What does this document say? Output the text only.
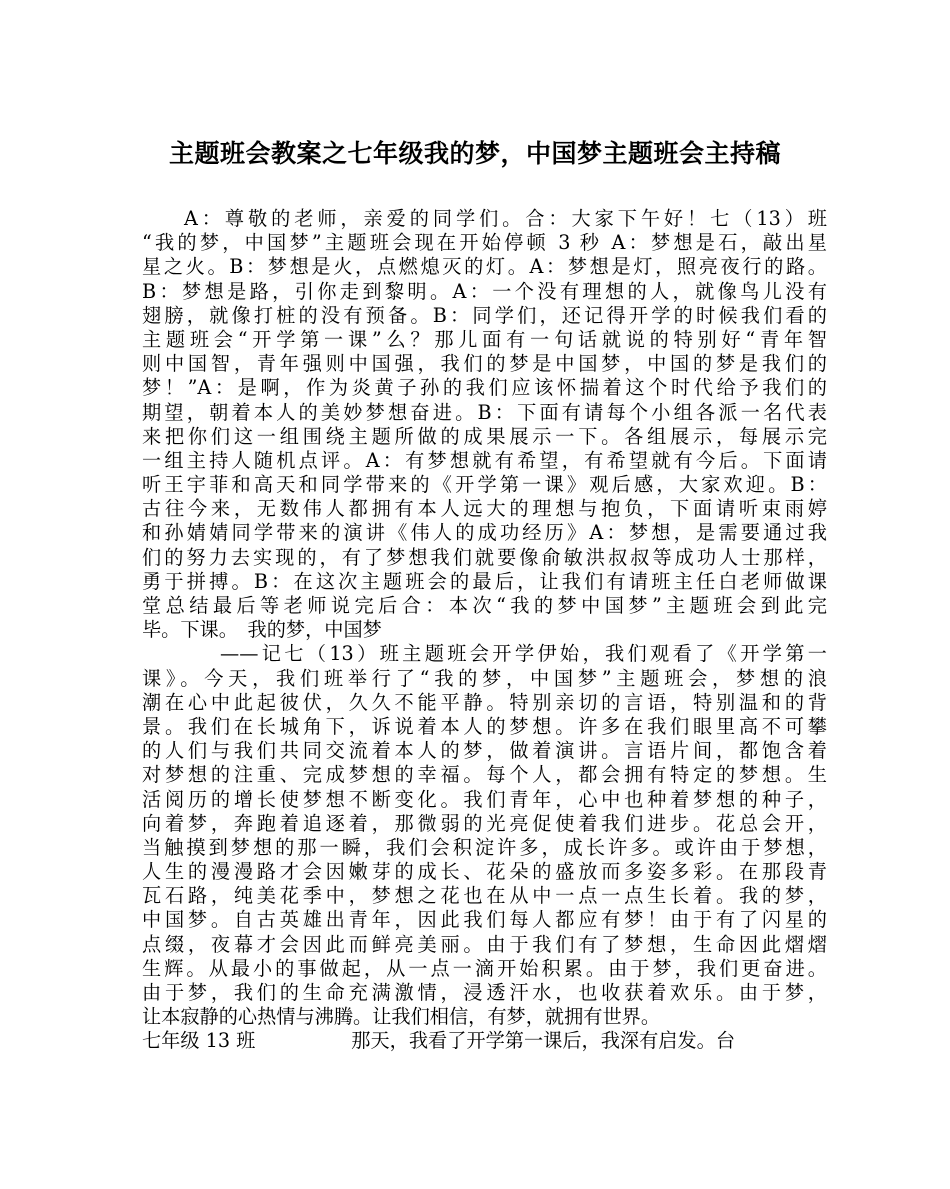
主题班会教案之七年级我的梦，中国梦主题班会主持稿
A：尊敬的老师，亲爱的同学们。合：大家下午好！七（13）班
“我的梦，中国梦”主题班会现在开始停顿 3 秒 A：梦想是石，敲出星
星之火。B：梦想是火，点燃熄灭的灯。A：梦想是灯，照亮夜行的路。
B：梦想是路，引你走到黎明。A：一个没有理想的人，就像鸟儿没有
翅膀，就像打桩的没有预备。B：同学们，还记得开学的时候我们看的
主题班会“开学第一课”么？那儿面有一句话就说的特别好“青年智
则中国智，青年强则中国强，我们的梦是中国梦，中国的梦是我们的
梦！”A：是啊，作为炎黄子孙的我们应该怀揣着这个时代给予我们的
期望，朝着本人的美妙梦想奋进。B：下面有请每个小组各派一名代表
来把你们这一组围绕主题所做的成果展示一下。各组展示，每展示完
一组主持人随机点评。A：有梦想就有希望，有希望就有今后。下面请
听王宇菲和高天和同学带来的《开学第一课》观后感，大家欢迎。B：
古往今来，无数伟人都拥有本人远大的理想与抱负，下面请听束雨婷
和孙婧婧同学带来的演讲《伟人的成功经历》A：梦想，是需要通过我
们的努力去实现的，有了梦想我们就要像俞敏洪叔叔等成功人士那样，
勇于拼搏。B：在这次主题班会的最后，让我们有请班主任白老师做课
堂总结最后等老师说完后合：本次“我的梦中国梦”主题班会到此完
毕。下课。　我的梦，中国梦
——记七（13）班主题班会开学伊始，我们观看了《开学第一
课》。今天，我们班举行了“我的梦，中国梦”主题班会，梦想的浪
潮在心中此起彼伏，久久不能平静。特别亲切的言语，特别温和的背
景。我们在长城角下，诉说着本人的梦想。许多在我们眼里高不可攀
的人们与我们共同交流着本人的梦，做着演讲。言语片间，都饱含着
对梦想的注重、完成梦想的幸福。每个人，都会拥有特定的梦想。生
活阅历的增长使梦想不断变化。我们青年，心中也种着梦想的种子，
向着梦，奔跑着追逐着，那微弱的光亮促使着我们进步。花总会开，
当触摸到梦想的那一瞬，我们会积淀许多，成长许多。或许由于梦想，
人生的漫漫路才会因嫩芽的成长、花朵的盛放而多姿多彩。在那段青
瓦石路，纯美花季中，梦想之花也在从中一点一点生长着。我的梦，
中国梦。自古英雄出青年，因此我们每人都应有梦！由于有了闪星的
点缀，夜幕才会因此而鲜亮美丽。由于我们有了梦想，生命因此熠熠
生辉。从最小的事做起，从一点一滴开始积累。由于梦，我们更奋进。
由于梦，我们的生命充满激情，浸透汗水，也收获着欢乐。由于梦，
让本寂静的心热情与沸腾。让我们相信，有梦，就拥有世界。
七年级 13 班　　　　　那天，我看了开学第一课后，我深有启发。台
